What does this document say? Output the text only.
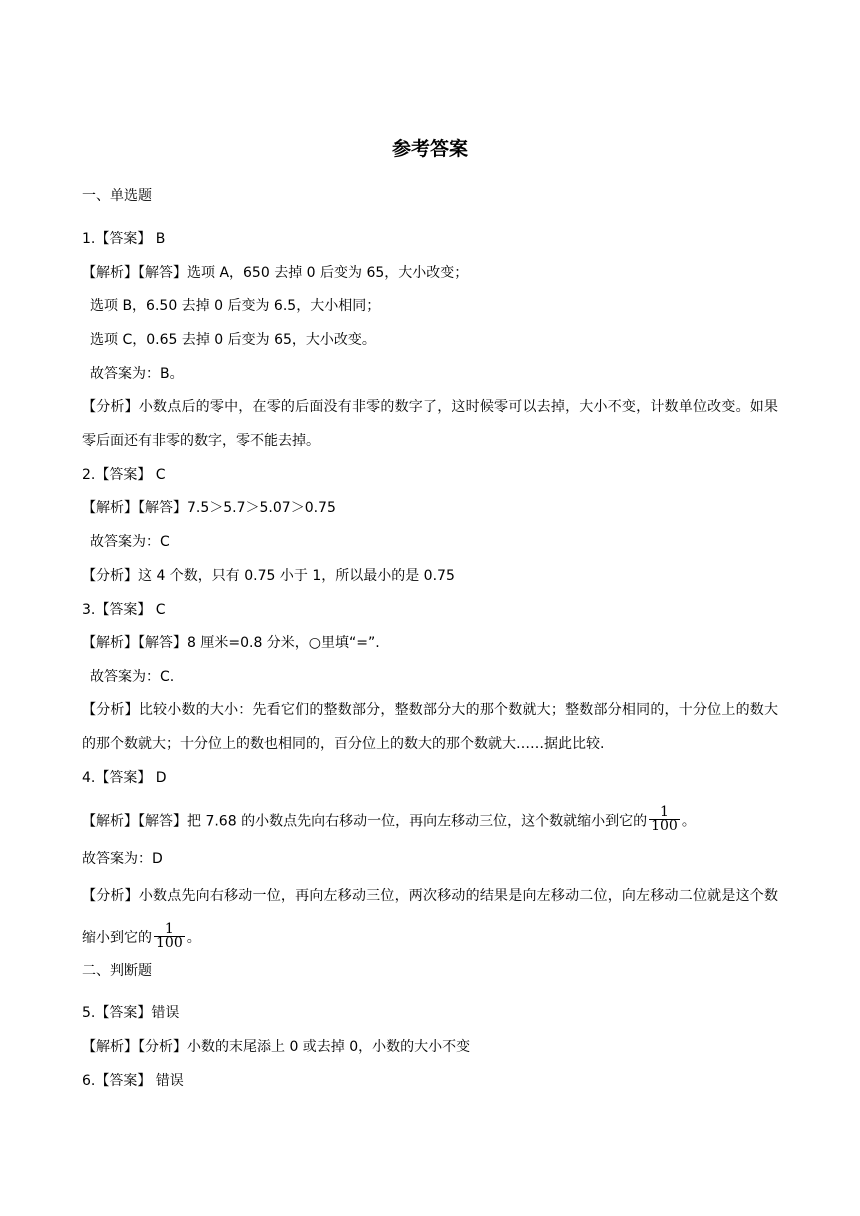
参考答案
一、单选题
1.【答案】 B
【解析】【解答】选项 A，650 去掉 0 后变为 65，大小改变；
选项 B，6.50 去掉 0 后变为 6.5，大小相同；
选项 C，0.65 去掉 0 后变为 65，大小改变。
故答案为：B。
【分析】小数点后的零中，在零的后面没有非零的数字了，这时候零可以去掉，大小不变，计数单位改变。如果零后面还有非零的数字，零不能去掉。
2.【答案】 C
【解析】【解答】7.5＞5.7＞5.07＞0.75
故答案为：C
【分析】这 4 个数，只有 0.75 小于 1，所以最小的是 0.75
3.【答案】 C
【解析】【解答】8 厘米=0.8 分米，○里填“=”.
故答案为：C.
【分析】比较小数的大小：先看它们的整数部分，整数部分大的那个数就大；整数部分相同的，十分位上的数大的那个数就大；十分位上的数也相同的，百分位上的数大的那个数就大……据此比较.
4.【答案】 D
【解析】【解答】把 7.68 的小数点先向右移动一位，再向左移动三位，这个数就缩小到它的 $\frac{1}{100}$ 。
故答案为：D
【分析】小数点先向右移动一位，再向左移动三位，两次移动的结果是向左移动二位，向左移动二位就是这个数缩小到它的 $\frac{1}{100}$ 。
二、判断题
5.【答案】错误
【解析】【分析】小数的末尾添上 0 或去掉 0，小数的大小不变
6.【答案】 错误
